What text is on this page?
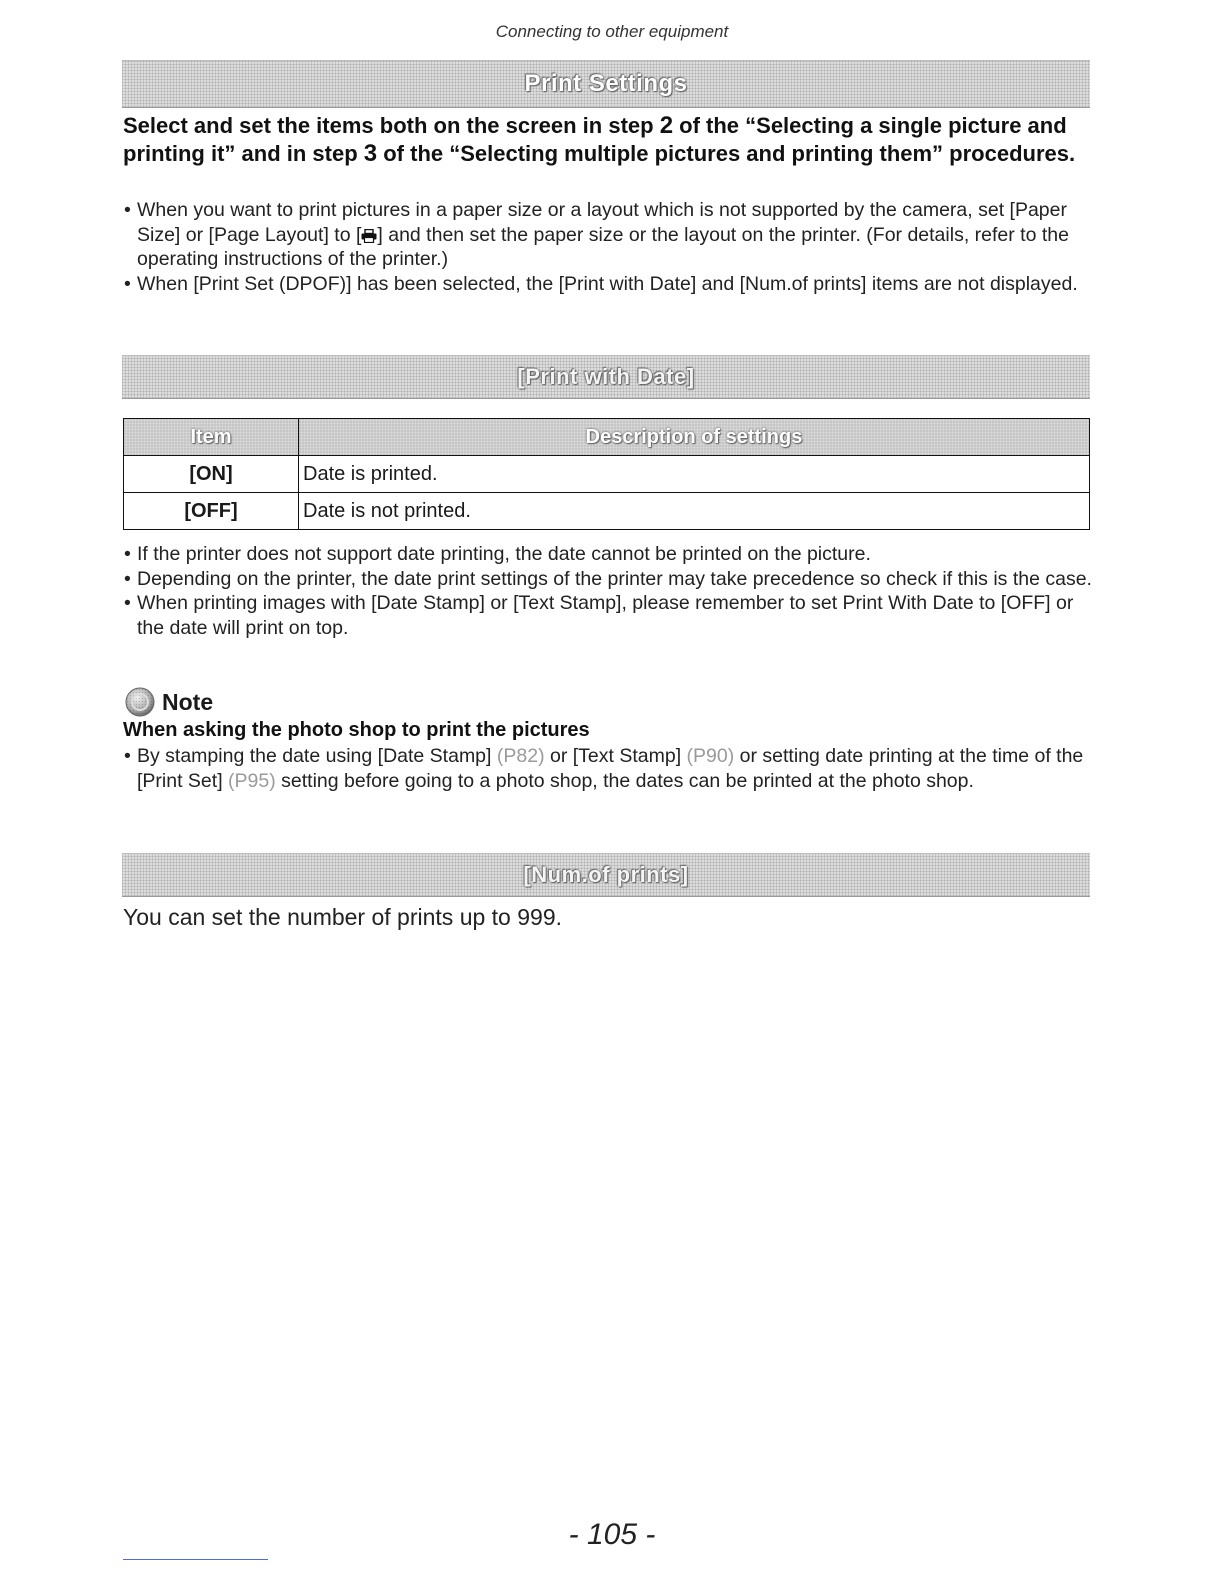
Connecting to other equipment
Print Settings
Select and set the items both on the screen in step 2 of the “Selecting a single picture and printing it” and in step 3 of the “Selecting multiple pictures and printing them” procedures.
• When you want to print pictures in a paper size or a layout which is not supported by the camera, set [Paper Size] or [Page Layout] to [ ] and then set the paper size or the layout on the printer. (For details, refer to the operating instructions of the printer.)
• When [Print Set (DPOF)] has been selected, the [Print with Date] and [Num.of prints] items are not displayed.
[Print with Date]
Item	Description of settings
[ON]	Date is printed.
[OFF]	Date is not printed.
• If the printer does not support date printing, the date cannot be printed on the picture.
• Depending on the printer, the date print settings of the printer may take precedence so check if this is the case.
• When printing images with [Date Stamp] or [Text Stamp], please remember to set Print With Date to [OFF] or the date will print on top.
Note
When asking the photo shop to print the pictures
• By stamping the date using [Date Stamp] (P82) or [Text Stamp] (P90) or setting date printing at the time of the [Print Set] (P95) setting before going to a photo shop, the dates can be printed at the photo shop.
[Num.of prints]
You can set the number of prints up to 999.
- 105 -
